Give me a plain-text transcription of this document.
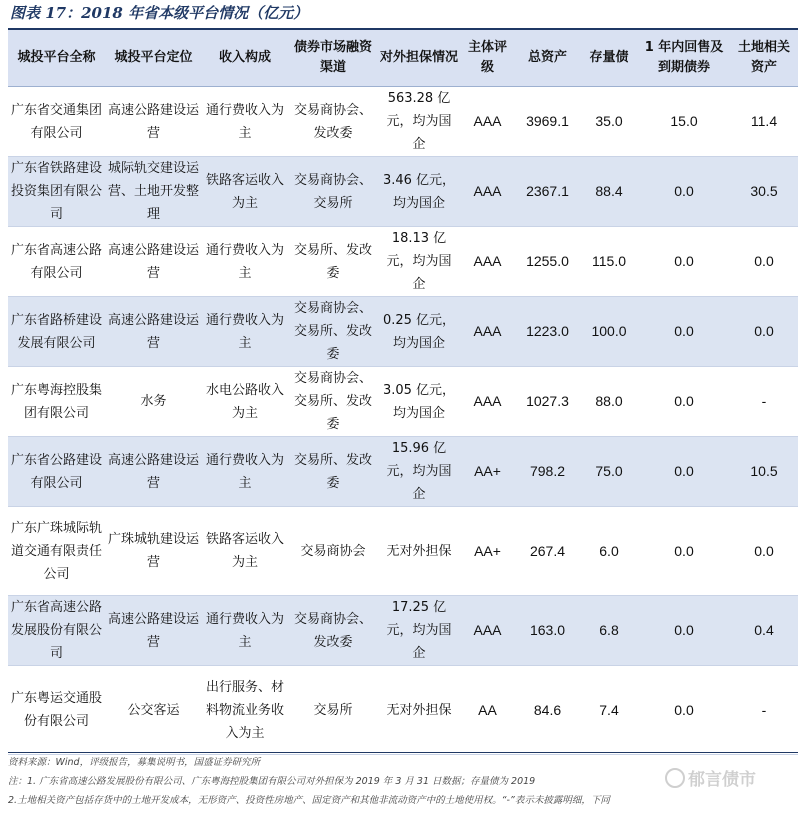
图表 17：2018 年省本级平台情况（亿元）
城投平台全称	城投平台定位	收入构成	债券市场融资渠道	对外担保情况	主体评级	总资产	存量债	1 年内回售及到期债券	土地相关资产
广东省交通集团有限公司	高速公路建设运营	通行费收入为主	交易商协会、发改委	563.28 亿元，均为国企	AAA	3969.1	35.0	15.0	11.4
广东省铁路建设投资集团有限公司	城际轨交建设运营、土地开发整理	铁路客运收入为主	交易商协会、交易所	3.46 亿元，均为国企	AAA	2367.1	88.4	0.0	30.5
广东省高速公路有限公司	高速公路建设运营	通行费收入为主	交易所、发改委	18.13 亿元，均为国企	AAA	1255.0	115.0	0.0	0.0
广东省路桥建设发展有限公司	高速公路建设运营	通行费收入为主	交易商协会、交易所、发改委	0.25 亿元，均为国企	AAA	1223.0	100.0	0.0	0.0
广东粤海控股集团有限公司	水务	水电公路收入为主	交易商协会、交易所、发改委	3.05 亿元，均为国企	AAA	1027.3	88.0	0.0	-
广东省公路建设有限公司	高速公路建设运营	通行费收入为主	交易所、发改委	15.96 亿元，均为国企	AA+	798.2	75.0	0.0	10.5
广东广珠城际轨道交通有限责任公司	广珠城轨建设运营	铁路客运收入为主	交易商协会	无对外担保	AA+	267.4	6.0	0.0	0.0
广东省高速公路发展股份有限公司	高速公路建设运营	通行费收入为主	交易商协会、发改委	17.25 亿元，均为国企	AAA	163.0	6.8	0.0	0.4
广东粤运交通股份有限公司	公交客运	出行服务、材料物流业务收入为主	交易所	无对外担保	AA	84.6	7.4	0.0	-
资料来源：Wind，评级报告，募集说明书，国盛证券研究所
注：1. 广东省高速公路发展股份有限公司、广东粤海控股集团有限公司对外担保为 2019 年 3 月 31 日数据；存量债为 2019
2.土地相关资产包括存货中的土地开发成本，无形资产、投资性房地产、固定资产和其他非流动资产中的土地使用权。“-”表示未披露明细，下同
郁言债市
